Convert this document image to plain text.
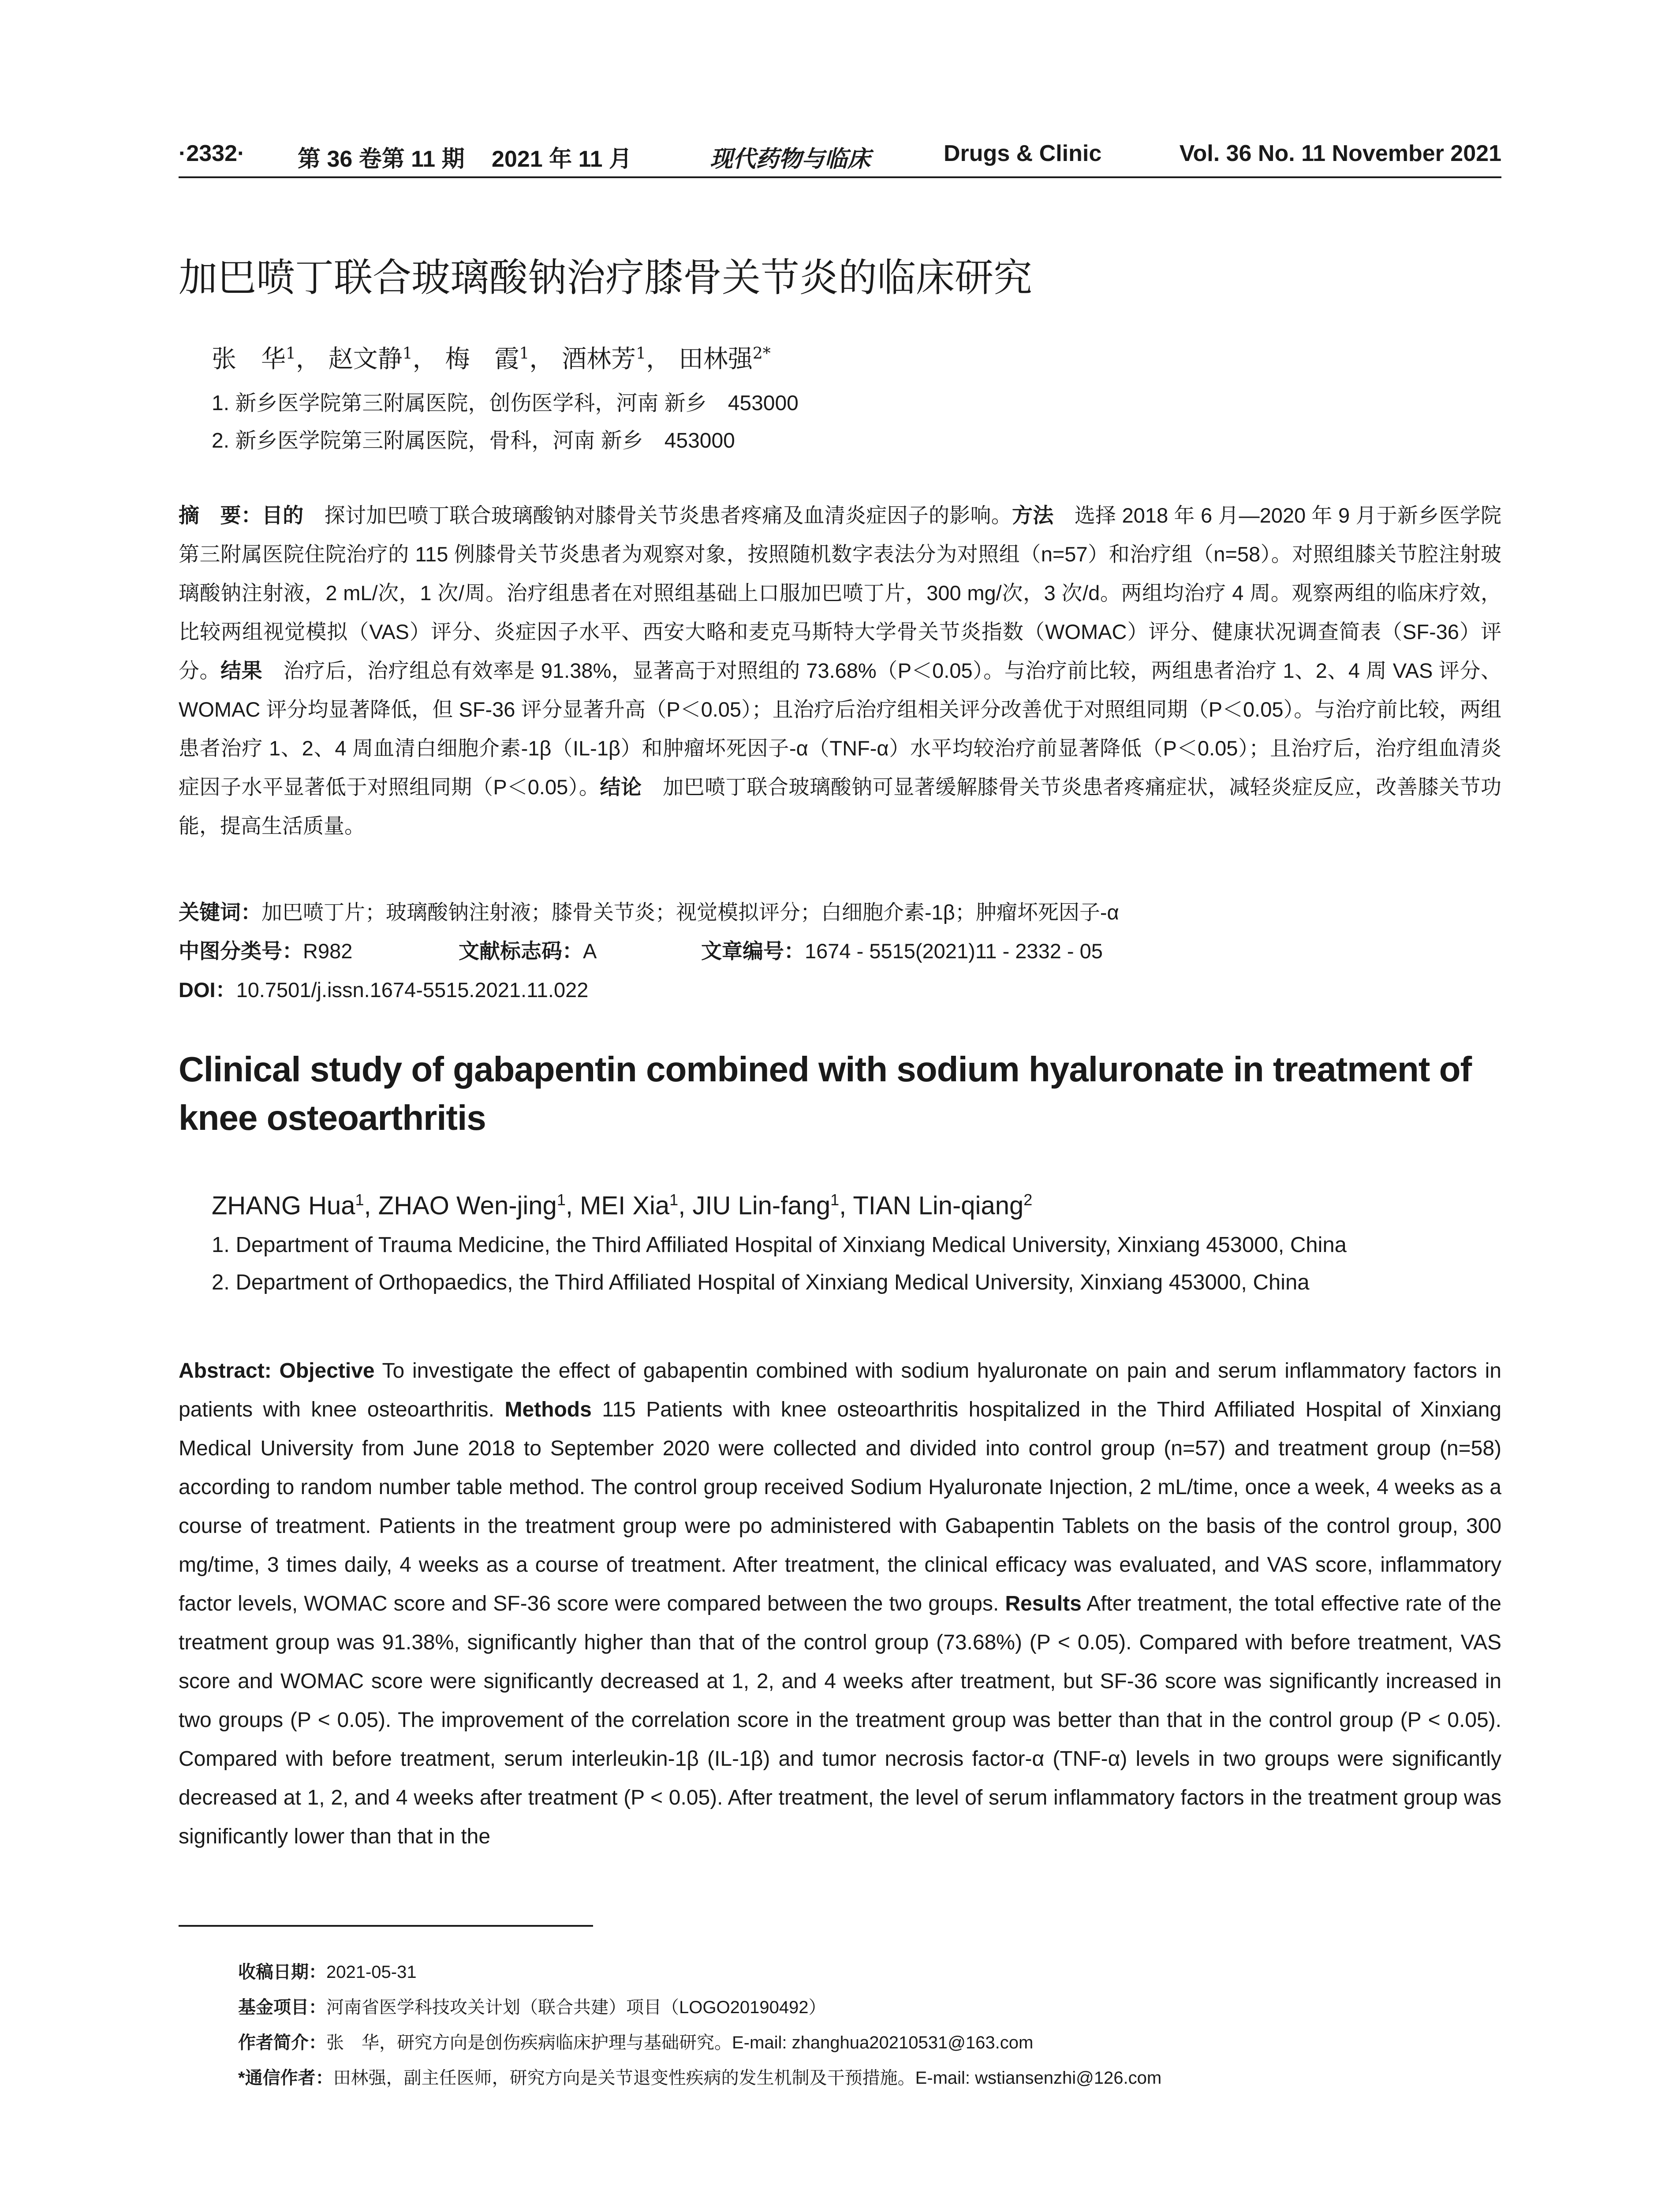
·2332· 第 36 卷第 11 期 2021 年 11 月	现代药物与临床	Drugs & Clinic	Vol. 36 No. 11 November 2021
加巴喷丁联合玻璃酸钠治疗膝骨关节炎的临床研究
张　华$^1$， 赵文静$^1$， 梅　霞$^1$， 酒林芳$^1$， 田林强$^{2*}$
1. 新乡医学院第三附属医院，创伤医学科，河南 新乡　453000
2. 新乡医学院第三附属医院，骨科，河南 新乡　453000
摘　要：目的　探讨加巴喷丁联合玻璃酸钠对膝骨关节炎患者疼痛及血清炎症因子的影响。方法　选择 2018 年 6 月—2020 年 9 月于新乡医学院第三附属医院住院治疗的 115 例膝骨关节炎患者为观察对象，按照随机数字表法分为对照组（n=57）和治疗组（n=58）。对照组膝关节腔注射玻璃酸钠注射液，2 mL/次，1 次/周。治疗组患者在对照组基础上口服加巴喷丁片，300 mg/次，3 次/d。两组均治疗 4 周。观察两组的临床疗效，比较两组视觉模拟（VAS）评分、炎症因子水平、西安大略和麦克马斯特大学骨关节炎指数（WOMAC）评分、健康状况调查简表（SF-36）评分。结果　治疗后，治疗组总有效率是 91.38%，显著高于对照组的 73.68%（P＜0.05）。与治疗前比较，两组患者治疗 1、2、4 周 VAS 评分、WOMAC 评分均显著降低，但 SF-36 评分显著升高（P＜0.05）；且治疗后治疗组相关评分改善优于对照组同期（P＜0.05）。与治疗前比较，两组患者治疗 1、2、4 周血清白细胞介素-1β（IL-1β）和肿瘤坏死因子-α（TNF-α）水平均较治疗前显著降低（P＜0.05）；且治疗后，治疗组血清炎症因子水平显著低于对照组同期（P＜0.05）。结论　加巴喷丁联合玻璃酸钠可显著缓解膝骨关节炎患者疼痛症状，减轻炎症反应，改善膝关节功能，提高生活质量。
关键词：加巴喷丁片；玻璃酸钠注射液；膝骨关节炎；视觉模拟评分；白细胞介素-1β；肿瘤坏死因子-α
中图分类号：R982	文献标志码：A	文章编号：1674 - 5515(2021)11 - 2332 - 05
DOI：10.7501/j.issn.1674-5515.2021.11.022
Clinical study of gabapentin combined with sodium hyaluronate in treatment of knee osteoarthritis
ZHANG Hua$^1$, ZHAO Wen-jing$^1$, MEI Xia$^1$, JIU Lin-fang$^1$, TIAN Lin-qiang$^2$
1. Department of Trauma Medicine, the Third Affiliated Hospital of Xinxiang Medical University, Xinxiang 453000, China
2. Department of Orthopaedics, the Third Affiliated Hospital of Xinxiang Medical University, Xinxiang 453000, China
Abstract: Objective To investigate the effect of gabapentin combined with sodium hyaluronate on pain and serum inflammatory factors in patients with knee osteoarthritis. Methods 115 Patients with knee osteoarthritis hospitalized in the Third Affiliated Hospital of Xinxiang Medical University from June 2018 to September 2020 were collected and divided into control group (n=57) and treatment group (n=58) according to random number table method. The control group received Sodium Hyaluronate Injection, 2 mL/time, once a week, 4 weeks as a course of treatment. Patients in the treatment group were po administered with Gabapentin Tablets on the basis of the control group, 300 mg/time, 3 times daily, 4 weeks as a course of treatment. After treatment, the clinical efficacy was evaluated, and VAS score, inflammatory factor levels, WOMAC score and SF-36 score were compared between the two groups. Results After treatment, the total effective rate of the treatment group was 91.38%, significantly higher than that of the control group (73.68%) (P < 0.05). Compared with before treatment, VAS score and WOMAC score were significantly decreased at 1, 2, and 4 weeks after treatment, but SF-36 score was significantly increased in two groups (P < 0.05). The improvement of the correlation score in the treatment group was better than that in the control group (P < 0.05). Compared with before treatment, serum interleukin-1β (IL-1β) and tumor necrosis factor-α (TNF-α) levels in two groups were significantly decreased at 1, 2, and 4 weeks after treatment (P < 0.05). After treatment, the level of serum inflammatory factors in the treatment group was significantly lower than that in the
收稿日期：2021-05-31
基金项目：河南省医学科技攻关计划（联合共建）项目（LOGO20190492）
作者简介：张　华，研究方向是创伤疾病临床护理与基础研究。E-mail: zhanghua20210531@163.com
*通信作者：田林强，副主任医师，研究方向是关节退变性疾病的发生机制及干预措施。E-mail: wstiansenzhi@126.com
